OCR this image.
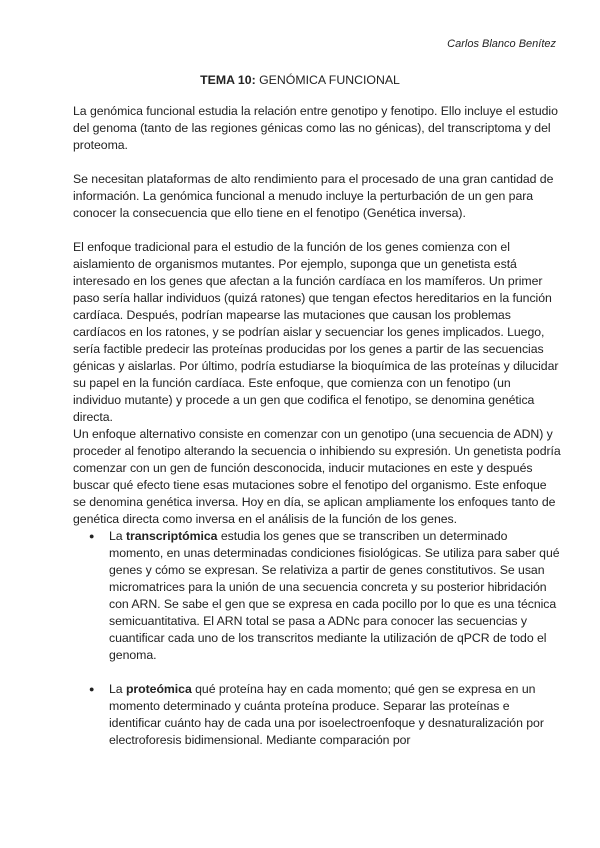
Carlos Blanco Benítez
TEMA 10: GENÓMICA FUNCIONAL

La genómica funcional estudia la relación entre genotipo y fenotipo. Ello incluye el estudio del genoma (tanto de las regiones génicas como las no génicas), del transcriptoma y del proteoma.

Se necesitan plataformas de alto rendimiento para el procesado de una gran cantidad de información. La genómica funcional a menudo incluye la perturbación de un gen para conocer la consecuencia que ello tiene en el fenotipo (Genética inversa).

El enfoque tradicional para el estudio de la función de los genes comienza con el aislamiento de organismos mutantes. Por ejemplo, suponga que un genetista está interesado en los genes que afectan a la función cardíaca en los mamíferos. Un primer paso sería hallar individuos (quizá ratones) que tengan efectos hereditarios en la función cardíaca. Después, podrían mapearse las mutaciones que causan los problemas cardíacos en los ratones, y se podrían aislar y secuenciar los genes implicados. Luego, sería factible predecir las proteínas producidas por los genes a partir de las secuencias génicas y aislarlas. Por último, podría estudiarse la bioquímica de las proteínas y dilucidar su papel en la función cardíaca. Este enfoque, que comienza con un fenotipo (un individuo mutante) y procede a un gen que codifica el fenotipo, se denomina genética directa.

Un enfoque alternativo consiste en comenzar con un genotipo (una secuencia de ADN) y proceder al fenotipo alterando la secuencia o inhibiendo su expresión. Un genetista podría comenzar con un gen de función desconocida, inducir mutaciones en este y después buscar qué efecto tiene esas mutaciones sobre el fenotipo del organismo. Este enfoque se denomina genética inversa. Hoy en día, se aplican ampliamente los enfoques tanto de genética directa como inversa en el análisis de la función de los genes.

● La transcriptómica estudia los genes que se transcriben un determinado momento, en unas determinadas condiciones fisiológicas. Se utiliza para saber qué genes y cómo se expresan. Se relativiza a partir de genes constitutivos. Se usan micromatrices para la unión de una secuencia concreta y su posterior hibridación con ARN. Se sabe el gen que se expresa en cada pocillo por lo que es una técnica semicuantitativa. El ARN total se pasa a ADNc para conocer las secuencias y cuantificar cada uno de los transcritos mediante la utilización de qPCR de todo el genoma.
● La proteómica qué proteína hay en cada momento; qué gen se expresa en un momento determinado y cuánta proteína produce. Separar las proteínas e identificar cuánto hay de cada una por isoelectroenfoque y desnaturalización por electroforesis bidimensional. Mediante comparación por
